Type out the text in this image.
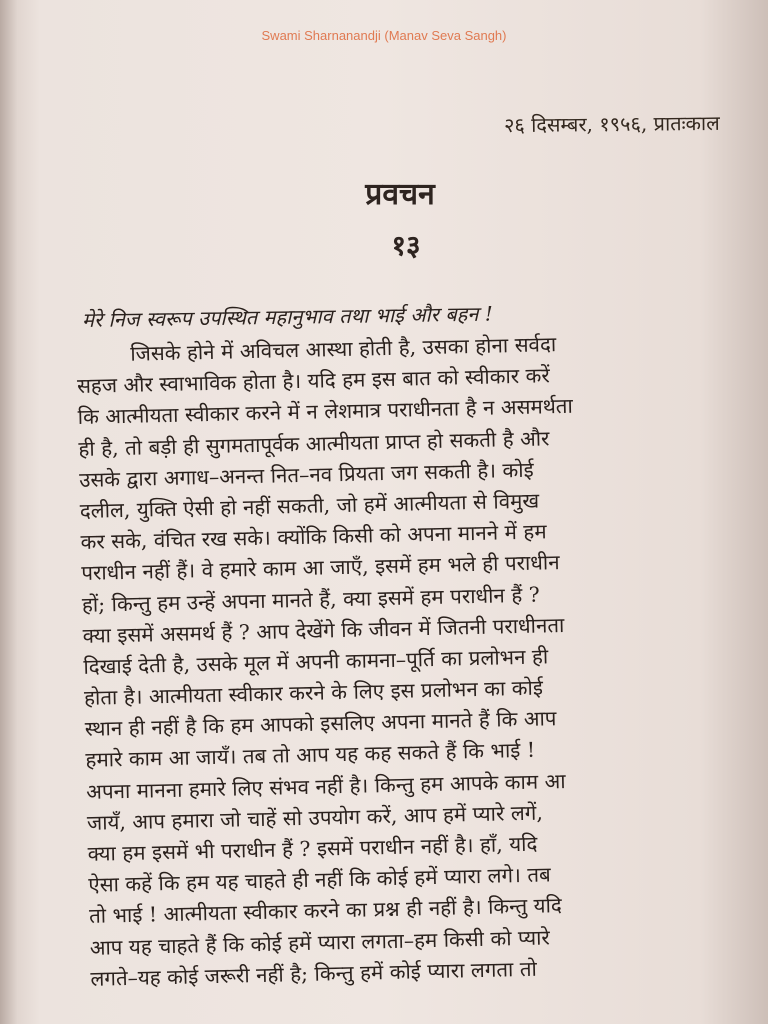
Swami Sharnanandji (Manav Seva Sangh)
२६ दिसम्बर, १९५६, प्रातःकाल
प्रवचन
१३
मेरे निज स्वरूप उपस्थित महानुभाव तथा भाई और बहन !
जिसके होने में अविचल आस्था होती है, उसका होना सर्वदा
सहज और स्वाभाविक होता है। यदि हम इस बात को स्वीकार करें
कि आत्मीयता स्वीकार करने में न लेशमात्र पराधीनता है न असमर्थता
ही है, तो बड़ी ही सुगमतापूर्वक आत्मीयता प्राप्त हो सकती है और
उसके द्वारा अगाध–अनन्त नित–नव प्रियता जग सकती है। कोई
दलील, युक्ति ऐसी हो नहीं सकती, जो हमें आत्मीयता से विमुख
कर सके, वंचित रख सके। क्योंकि किसी को अपना मानने में हम
पराधीन नहीं हैं। वे हमारे काम आ जाएँ, इसमें हम भले ही पराधीन
हों; किन्तु हम उन्हें अपना मानते हैं, क्या इसमें हम पराधीन हैं ?
क्या इसमें असमर्थ हैं ? आप देखेंगे कि जीवन में जितनी पराधीनता
दिखाई देती है, उसके मूल में अपनी कामना–पूर्ति का प्रलोभन ही
होता है। आत्मीयता स्वीकार करने के लिए इस प्रलोभन का कोई
स्थान ही नहीं है कि हम आपको इसलिए अपना मानते हैं कि आप
हमारे काम आ जायँ। तब तो आप यह कह सकते हैं कि भाई !
अपना मानना हमारे लिए संभव नहीं है। किन्तु हम आपके काम आ
जायँ, आप हमारा जो चाहें सो उपयोग करें, आप हमें प्यारे लगें,
क्या हम इसमें भी पराधीन हैं ? इसमें पराधीन नहीं है। हाँ, यदि
ऐसा कहें कि हम यह चाहते ही नहीं कि कोई हमें प्यारा लगे। तब
तो भाई ! आत्मीयता स्वीकार करने का प्रश्न ही नहीं है। किन्तु यदि
आप यह चाहते हैं कि कोई हमें प्यारा लगता–हम किसी को प्यारे
लगते–यह कोई जरूरी नहीं है; किन्तु हमें कोई प्यारा लगता तो
